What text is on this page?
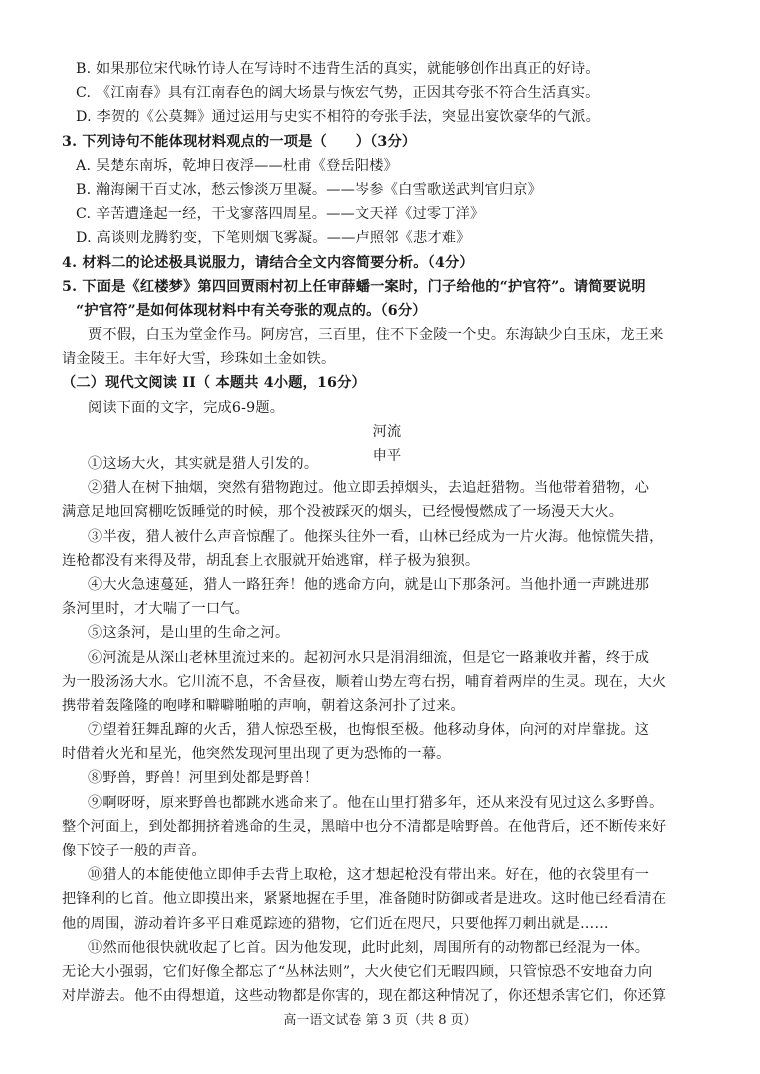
B. 如果那位宋代咏竹诗人在写诗时不违背生活的真实，就能够创作出真正的好诗。
C. 《江南春》具有江南春色的阔大场景与恢宏气势，正因其夸张不符合生活真实。
D. 李贺的《公莫舞》通过运用与史实不相符的夸张手法，突显出宴饮豪华的气派。
3. 下列诗句不能体现材料观点的一项是（　　）（3分）
A. 吴楚东南坼，乾坤日夜浮——杜甫《登岳阳楼》
B. 瀚海阑干百丈冰，愁云惨淡万里凝。——岑参《白雪歌送武判官归京》
C. 辛苦遭逢起一经，干戈寥落四周星。——文天祥《过零丁洋》
D. 高谈则龙腾豹变，下笔则烟飞雾凝。——卢照邻《悲才难》
4. 材料二的论述极具说服力，请结合全文内容简要分析。（4分）
5. 下面是《红楼梦》第四回贾雨村初上任审薛蟠一案时，门子给他的“护官符”。请简要说明
“护官符”是如何体现材料中有关夸张的观点的。（6分）
贾不假，白玉为堂金作马。阿房宫，三百里，住不下金陵一个史。东海缺少白玉床，龙王来
请金陵王。丰年好大雪，珍珠如土金如铁。
（二）现代文阅读 II（ 本题共 4小题，16分）
阅读下面的文字，完成6-9题。
河流
申平
①这场大火，其实就是猎人引发的。
②猎人在树下抽烟，突然有猎物跑过。他立即丢掉烟头，去追赶猎物。当他带着猎物，心
满意足地回窝棚吃饭睡觉的时候，那个没被踩灭的烟头，已经慢慢燃成了一场漫天大火。
③半夜，猎人被什么声音惊醒了。他探头往外一看，山林已经成为一片火海。他惊慌失措，
连枪都没有来得及带，胡乱套上衣服就开始逃窜，样子极为狼狈。
④大火急速蔓延，猎人一路狂奔！他的逃命方向，就是山下那条河。当他扑通一声跳进那
条河里时，才大喘了一口气。
⑤这条河，是山里的生命之河。
⑥河流是从深山老林里流过来的。起初河水只是涓涓细流，但是它一路兼收并蓄，终于成
为一股汤汤大水。它川流不息，不舍昼夜，顺着山势左弯右拐，哺育着两岸的生灵。现在，大火
携带着轰隆隆的咆哮和噼噼啪啪的声响，朝着这条河扑了过来。
⑦望着狂舞乱蹿的火舌，猎人惊恐至极，也悔恨至极。他移动身体，向河的对岸靠拢。这
时借着火光和星光，他突然发现河里出现了更为恐怖的一幕。
⑧野兽，野兽！河里到处都是野兽！
⑨啊呀呀，原来野兽也都跳水逃命来了。他在山里打猎多年，还从来没有见过这么多野兽。
整个河面上，到处都拥挤着逃命的生灵，黑暗中也分不清都是啥野兽。在他背后，还不断传来好
像下饺子一般的声音。
⑩猎人的本能使他立即伸手去背上取枪，这才想起枪没有带出来。好在，他的衣袋里有一
把锋利的匕首。他立即摸出来，紧紧地握在手里，准备随时防御或者是进攻。这时他已经看清在
他的周围，游动着许多平日难觅踪迹的猎物，它们近在咫尺，只要他挥刀刺出就是……
⑪然而他很快就收起了匕首。因为他发现，此时此刻，周围所有的动物都已经混为一体。
无论大小强弱，它们好像全都忘了“丛林法则”，大火使它们无暇四顾，只管惊恐不安地奋力向
对岸游去。他不由得想道，这些动物都是你害的，现在都这种情况了，你还想杀害它们，你还算
高一语文试卷 第 3 页（共 8 页）
